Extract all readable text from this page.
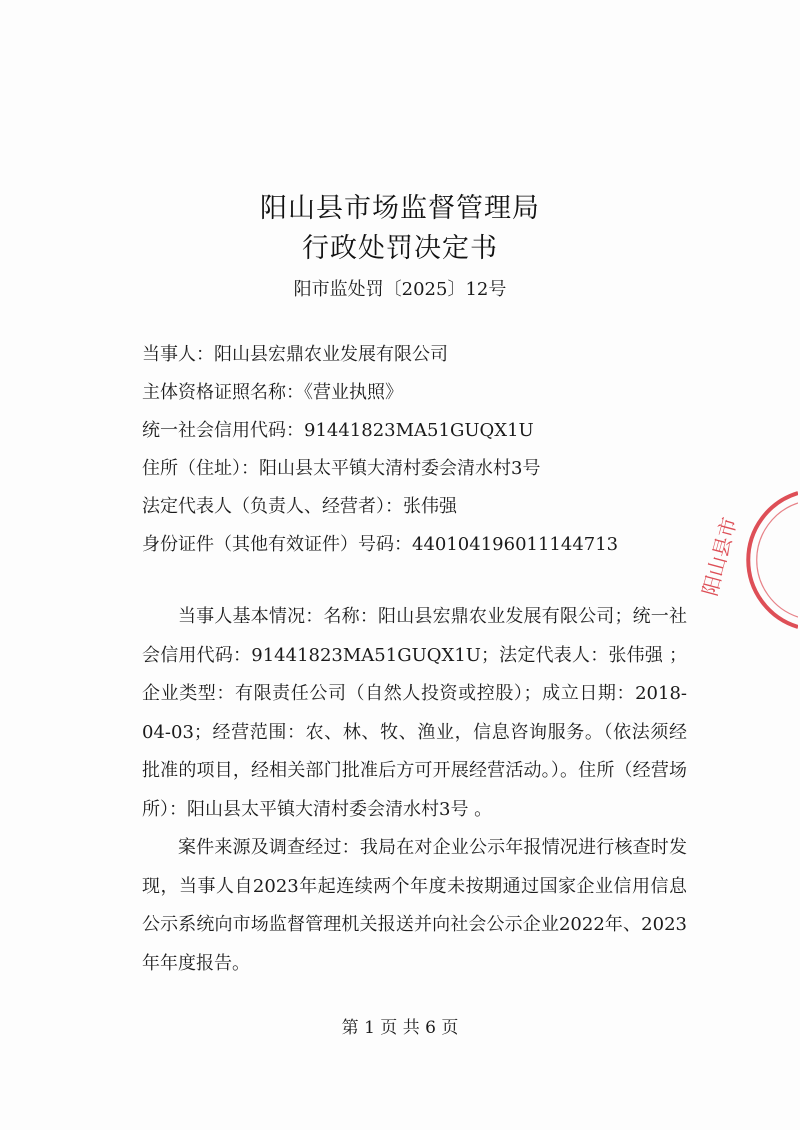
阳山县市场监督管理局
行政处罚决定书
阳市监处罚〔2025〕12号
当事人：阳山县宏鼎农业发展有限公司
主体资格证照名称：《营业执照》
统一社会信用代码：91441823MA51GUQX1U
住所（住址）：阳山县太平镇大清村委会清水村3号
法定代表人（负责人、经营者）：张伟强
身份证件（其他有效证件）号码：440104196011144713

当事人基本情况：名称：阳山县宏鼎农业发展有限公司；统一社会信用代码：91441823MA51GUQX1U；法定代表人：张伟强 ；企业类型：有限责任公司（自然人投资或控股）；成立日期：2018-04-03；经营范围：农、林、牧、渔业，信息咨询服务。（依法须经批准的项目，经相关部门批准后方可开展经营活动。）。住所（经营场所）：阳山县太平镇大清村委会清水村3号 。

案件来源及调查经过：我局在对企业公示年报情况进行核查时发现，当事人自2023年起连续两个年度未按期通过国家企业信用信息公示系统向市场监督管理机关报送并向社会公示企业2022年、2023年年度报告。

第 1 页 共 6 页
阳山县市
·
